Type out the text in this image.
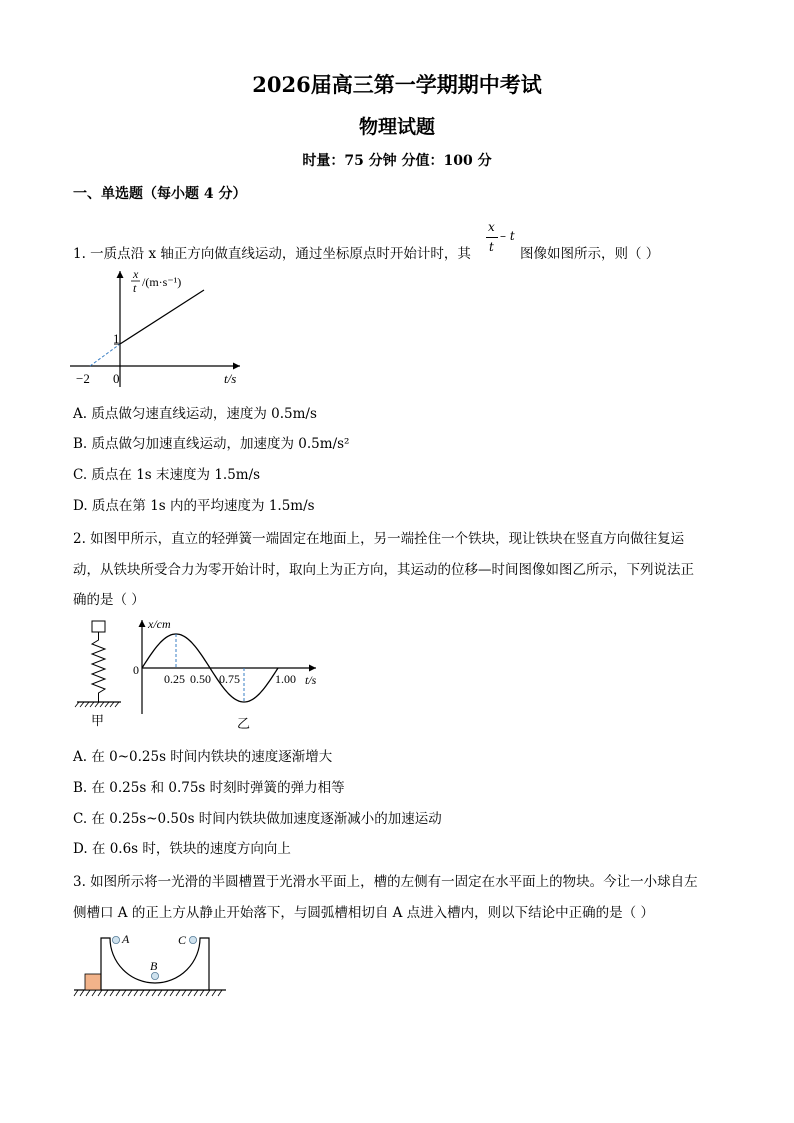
2026届高三第一学期期中考试
物理试题
时量：75 分钟 分值：100 分
一、单选题（每小题 4 分）
1. 一质点沿 x 轴正方向做直线运动，通过坐标原点时开始计时，其
x
t
– t
图像如图所示，则（ ）
1
−2 0	t/s
x
t /(m·s⁻¹)
A. 质点做匀速直线运动，速度为 0.5m/s
B. 质点做匀加速直线运动，加速度为 0.5m/s²
C. 质点在 1s 末速度为 1.5m/s
D. 质点在第 1s 内的平均速度为 1.5m/s
2. 如图甲所示，直立的轻弹簧一端固定在地面上，另一端拴住一个铁块，现让铁块在竖直方向做往复运
动，从铁块所受合力为零开始计时，取向上为正方向，其运动的位移—时间图像如图乙所示，下列说法正
确的是（ ）
甲
0
x/cm
t/s
0.25 0.50 0.75	1.00
乙
A. 在 0~0.25s 时间内铁块的速度逐渐增大
B. 在 0.25s 和 0.75s 时刻时弹簧的弹力相等
C. 在 0.25s~0.50s 时间内铁块做加速度逐渐减小的加速运动
D. 在 0.6s 时，铁块的速度方向向上
3. 如图所示将一光滑的半圆槽置于光滑水平面上，槽的左侧有一固定在水平面上的物块。今让一小球自左
侧槽口 A 的正上方从静止开始落下，与圆弧槽相切自 A 点进入槽内，则以下结论中正确的是（ ）
A
B
C
